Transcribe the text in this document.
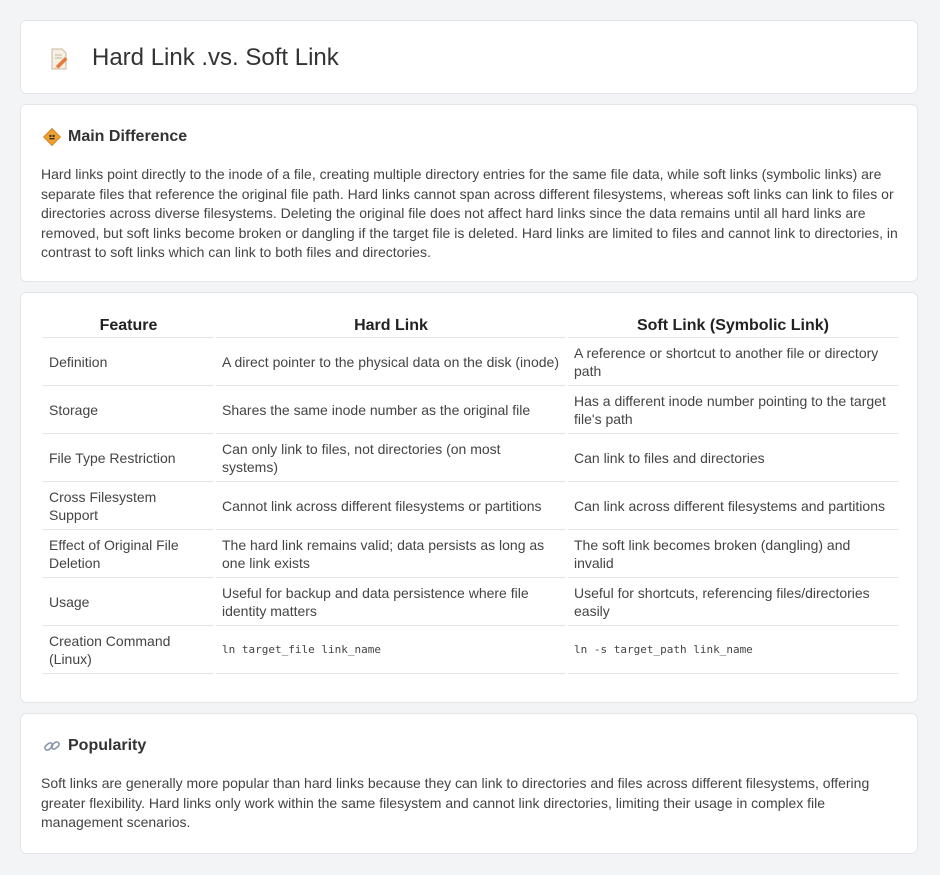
Hard Link .vs. Soft Link
Main Difference

Hard links point directly to the inode of a file, creating multiple directory entries for the same file data, while soft links (symbolic links) are separate files that reference the original file path. Hard links cannot span across different filesystems, whereas soft links can link to files or directories across diverse filesystems. Deleting the original file does not affect hard links since the data remains until all hard links are removed, but soft links become broken or dangling if the target file is deleted. Hard links are limited to files and cannot link to directories, in contrast to soft links which can link to both files and directories.

Feature	Hard Link	Soft Link (Symbolic Link)
Definition	A direct pointer to the physical data on the disk (inode)	A reference or shortcut to another file or directory path
Storage	Shares the same inode number as the original file	Has a different inode number pointing to the target file's path
File Type Restriction	Can only link to files, not directories (on most systems)	Can link to files and directories
Cross Filesystem Support	Cannot link across different filesystems or partitions	Can link across different filesystems and partitions
Effect of Original File Deletion	The hard link remains valid; data persists as long as one link exists	The soft link becomes broken (dangling) and invalid
Usage	Useful for backup and data persistence where file identity matters	Useful for shortcuts, referencing files/directories easily
Creation Command (Linux)	ln target_file link_name	ln -s target_path link_name
Popularity

Soft links are generally more popular than hard links because they can link to directories and files across different filesystems, offering greater flexibility. Hard links only work within the same filesystem and cannot link directories, limiting their usage in complex file management scenarios.
